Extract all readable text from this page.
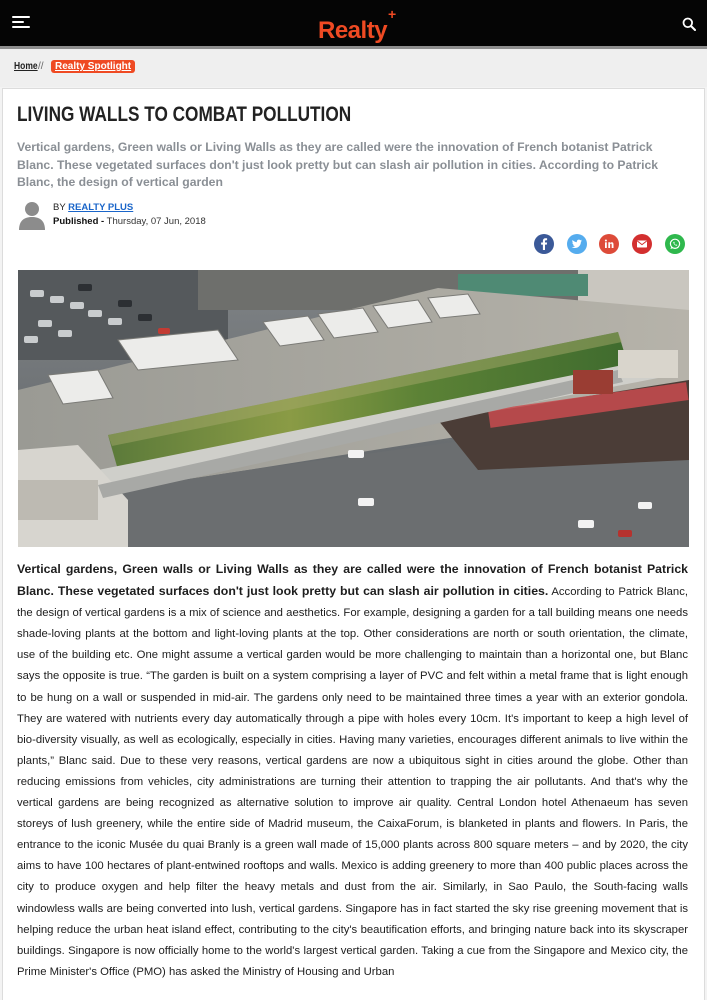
Realty+
Home //	Realty Spotlight
LIVING WALLS TO COMBAT POLLUTION

Vertical gardens, Green walls or Living Walls as they are called were the innovation of French botanist Patrick Blanc. These vegetated surfaces don't just look pretty but can slash air pollution in cities. According to Patrick Blanc, the design of vertical garden

BY REALTY PLUS
Published - Thursday, 07 Jun, 2018

Vertical gardens, Green walls or Living Walls as they are called were the innovation of French botanist Patrick Blanc. These vegetated surfaces don't just look pretty but can slash air pollution in cities. According to Patrick Blanc, the design of vertical gardens is a mix of science and aesthetics. For example, designing a garden for a tall building means one needs shade-loving plants at the bottom and light-loving plants at the top. Other considerations are north or south orientation, the climate, use of the building etc. One might assume a vertical garden would be more challenging to maintain than a horizontal one, but Blanc says the opposite is true. “The garden is built on a system comprising a layer of PVC and felt within a metal frame that is light enough to be hung on a wall or suspended in mid-air. The gardens only need to be maintained three times a year with an exterior gondola. They are watered with nutrients every day automatically through a pipe with holes every 10cm. It's important to keep a high level of bio-diversity visually, as well as ecologically, especially in cities. Having many varieties, encourages different animals to live within the plants,” Blanc said. Due to these very reasons, vertical gardens are now a ubiquitous sight in cities around the globe. Other than reducing emissions from vehicles, city administrations are turning their attention to trapping the air pollutants. And that's why the vertical gardens are being recognized as alternative solution to improve air quality. Central London hotel Athenaeum has seven storeys of lush greenery, while the entire side of Madrid museum, the CaixaForum, is blanketed in plants and flowers. In Paris, the entrance to the iconic Musée du quai Branly is a green wall made of 15,000 plants across 800 square meters – and by 2020, the city aims to have 100 hectares of plant-entwined rooftops and walls. Mexico is adding greenery to more than 400 public places across the city to produce oxygen and help filter the heavy metals and dust from the air. Similarly, in Sao Paulo, the South-facing walls windowless walls are being converted into lush, vertical gardens. Singapore has in fact started the sky rise greening movement that is helping reduce the urban heat island effect, contributing to the city's beautification efforts, and bringing nature back into its skyscraper buildings. Singapore is now officially home to the world's largest vertical garden. Taking a cue from the Singapore and Mexico city, the Prime Minister's Office (PMO) has asked the Ministry of Housing and Urban
